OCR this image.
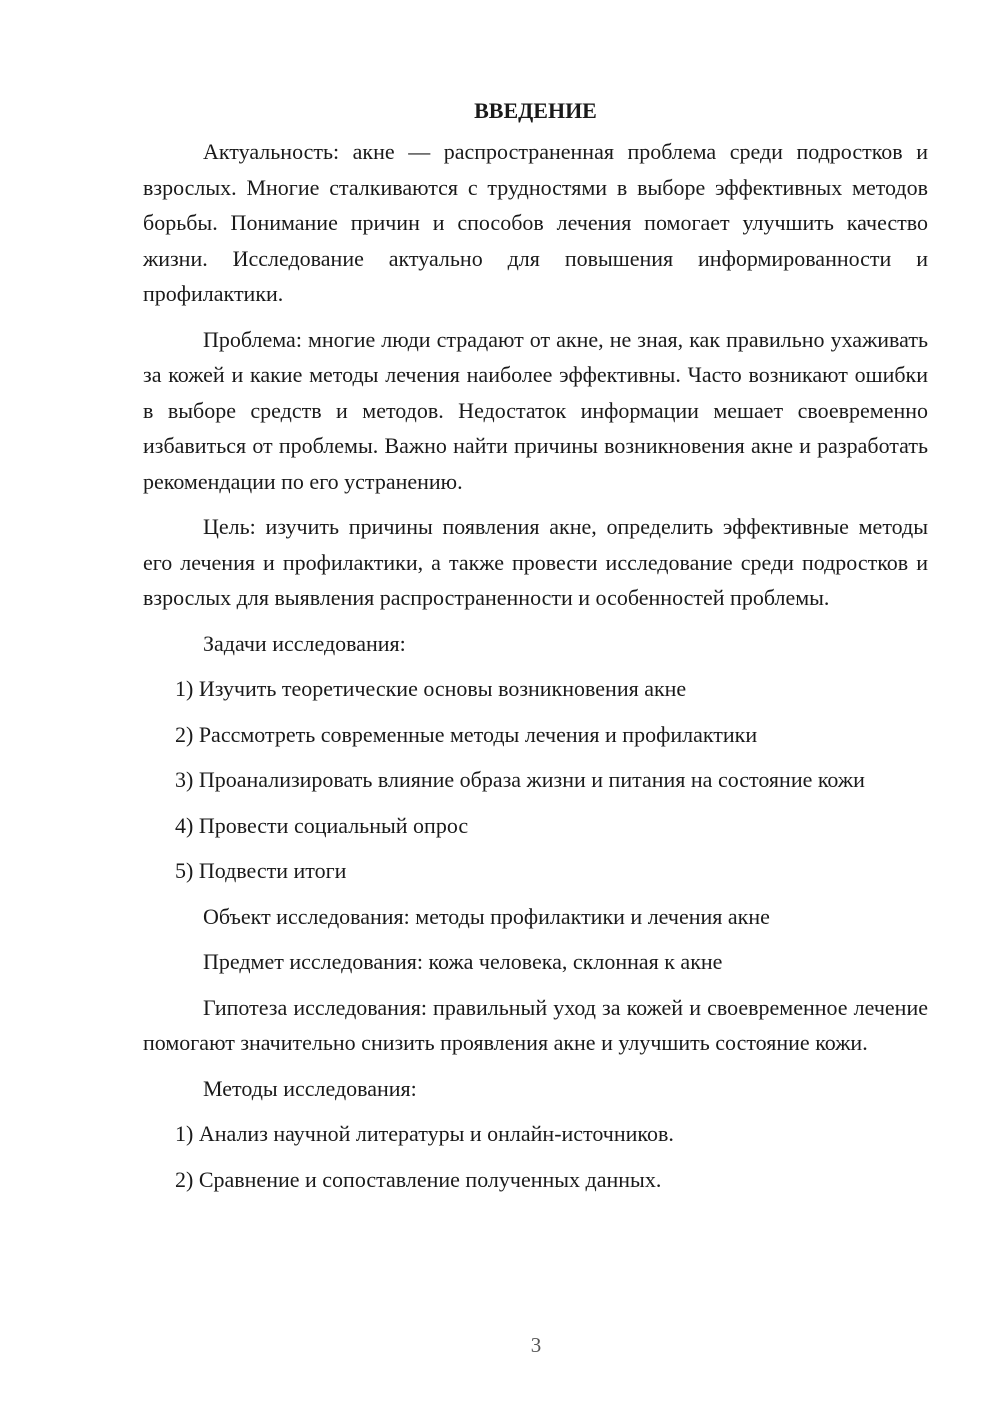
ВВЕДЕНИЕ

Актуальность: акне — распространенная проблема среди подростков и взрослых. Многие сталкиваются с трудностями в выборе эффективных методов борьбы. Понимание причин и способов лечения помогает улучшить качество жизни. Исследование актуально для повышения информированности и профилактики.

Проблема: многие люди страдают от акне, не зная, как правильно ухаживать за кожей и какие методы лечения наиболее эффективны. Часто возникают ошибки в выборе средств и методов. Недостаток информации мешает своевременно избавиться от проблемы. Важно найти причины возникновения акне и разработать рекомендации по его устранению.

Цель: изучить причины появления акне, определить эффективные методы его лечения и профилактики, а также провести исследование среди подростков и взрослых для выявления распространенности и особенностей проблемы.

Задачи исследования:

1) Изучить теоретические основы возникновения акне

2) Рассмотреть современные методы лечения и профилактики

3) Проанализировать влияние образа жизни и питания на состояние кожи

4) Провести социальный опрос

5) Подвести итоги

Объект исследования: методы профилактики и лечения акне

Предмет исследования: кожа человека, склонная к акне

Гипотеза исследования: правильный уход за кожей и своевременное лечение помогают значительно снизить проявления акне и улучшить состояние кожи.

Методы исследования:

1) Анализ научной литературы и онлайн-источников.

2) Сравнение и сопоставление полученных данных.

3
